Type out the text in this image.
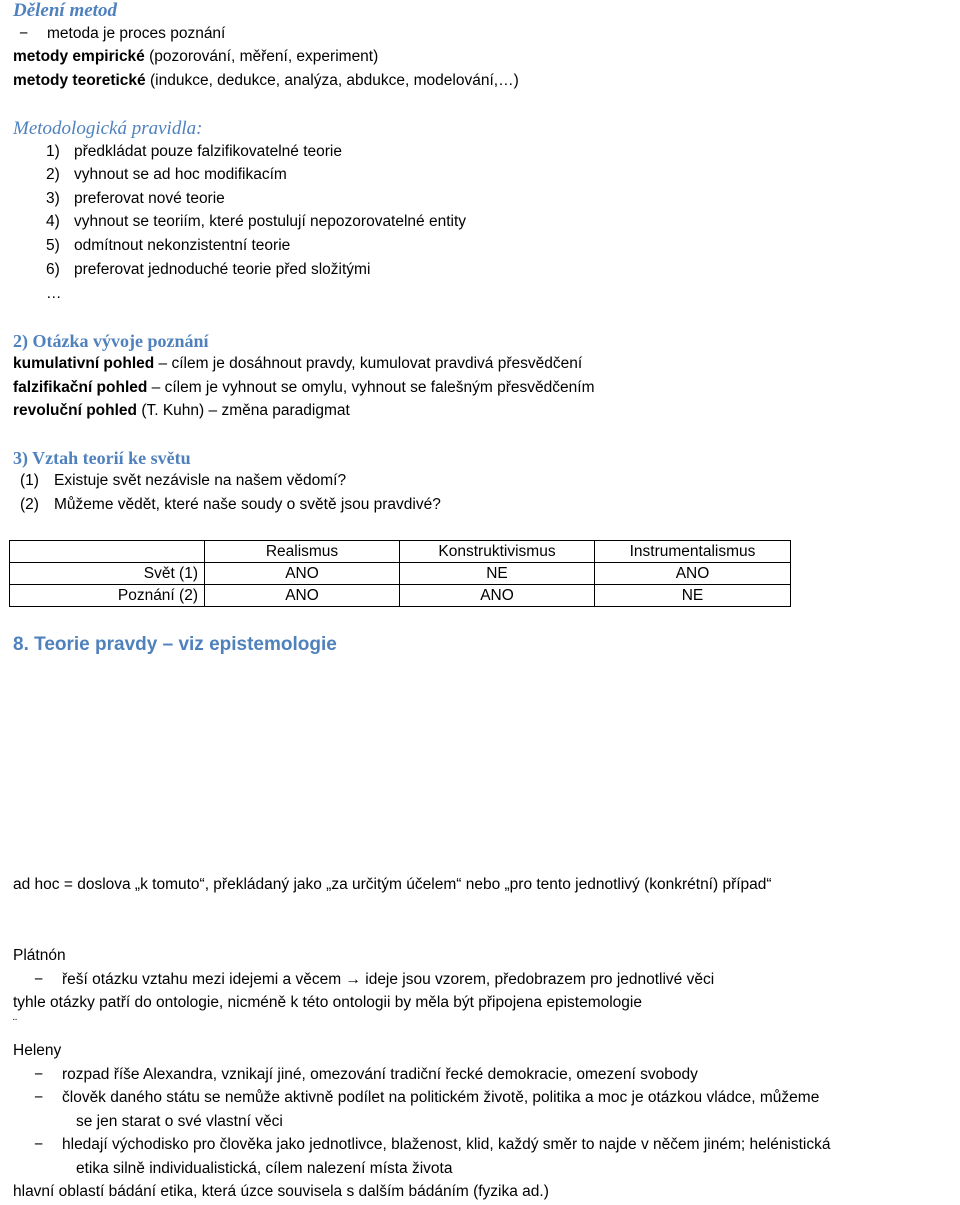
Dělení metod
− metoda je proces poznání
metody empirické (pozorování, měření, experiment)
metody teoretické (indukce, dedukce, analýza, abdukce, modelování,…)
Metodologická pravidla:
1) předkládat pouze falzifikovatelné teorie
2) vyhnout se ad hoc modifikacím
3) preferovat nové teorie
4) vyhnout se teoriím, které postulují nepozorovatelné entity
5) odmítnout nekonzistentní teorie
6) preferovat jednoduché teorie před složitými
…
2) Otázka vývoje poznání
kumulativní pohled – cílem je dosáhnout pravdy, kumulovat pravdivá přesvědčení
falzifikační pohled – cílem je vyhnout se omylu, vyhnout se falešným přesvědčením
revoluční pohled (T. Kuhn) – změna paradigmat
3) Vztah teorií ke světu
(1) Existuje svět nezávisle na našem vědomí?
(2) Můžeme vědět, které naše soudy o světě jsou pravdivé?
	Realismus	Konstruktivismus	Instrumentalismus
Svět (1)	ANO	NE	ANO
Poznání (2)	ANO	ANO	NE
8. Teorie pravdy – viz epistemologie
ad hoc = doslova „k tomuto“, překládaný jako „za určitým účelem“ nebo „pro tento jednotlivý (konkrétní) případ“
Plátnón
− řeší otázku vztahu mezi idejemi a věcem → ideje jsou vzorem, předobrazem pro jednotlivé věci
tyhle otázky patří do ontologie, nicméně k této ontologii by měla být připojena epistemologie
¨
Heleny
− rozpad říše Alexandra, vznikají jiné, omezování tradiční řecké demokracie, omezení svobody
− člověk daného státu se nemůže aktivně podílet na politickém životě, politika a moc je otázkou vládce, můžeme
se jen starat o své vlastní věci
− hledají východisko pro člověka jako jednotlivce, blaženost, klid, každý směr to najde v něčem jiném; helénistická
etika silně individualistická, cílem nalezení místa života
hlavní oblastí bádání etika, která úzce souvisela s dalším bádáním (fyzika ad.)
